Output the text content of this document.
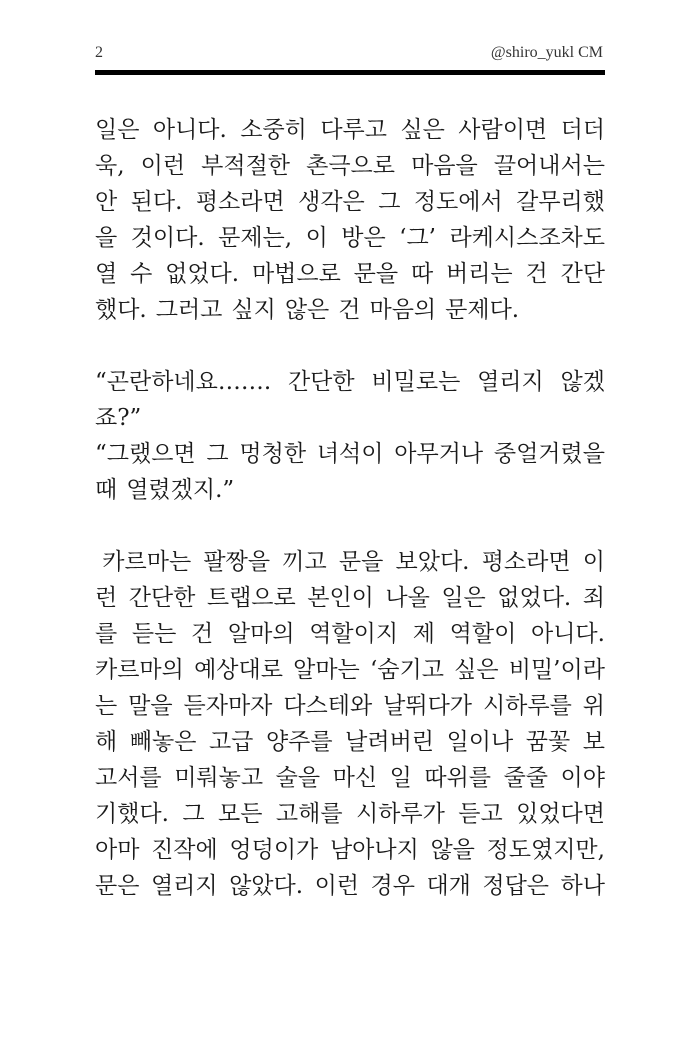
2	@shiro_yukl CM
일은 아니다. 소중히 다루고 싶은 사람이면 더더
욱, 이런 부적절한 촌극으로 마음을 끌어내서는
안 된다. 평소라면 생각은 그 정도에서 갈무리했
을 것이다. 문제는, 이 방은 ‘그’ 라케시스조차도
열 수 없었다. 마법으로 문을 따 버리는 건 간단
했다. 그러고 싶지 않은 건 마음의 문제다.
“곤란하네요……. 간단한 비밀로는 열리지 않겠
죠?”
“그랬으면 그 멍청한 녀석이 아무거나 중얼거렸을
때 열렸겠지.”
카르마는 팔짱을 끼고 문을 보았다. 평소라면 이
런 간단한 트랩으로 본인이 나올 일은 없었다. 죄
를 듣는 건 알마의 역할이지 제 역할이 아니다.
카르마의 예상대로 알마는 ‘숨기고 싶은 비밀’이라
는 말을 듣자마자 다스테와 날뛰다가 시하루를 위
해 빼놓은 고급 양주를 날려버린 일이나 꿈꽃 보
고서를 미뤄놓고 술을 마신 일 따위를 줄줄 이야
기했다. 그 모든 고해를 시하루가 듣고 있었다면
아마 진작에 엉덩이가 남아나지 않을 정도였지만,
문은 열리지 않았다. 이런 경우 대개 정답은 하나
